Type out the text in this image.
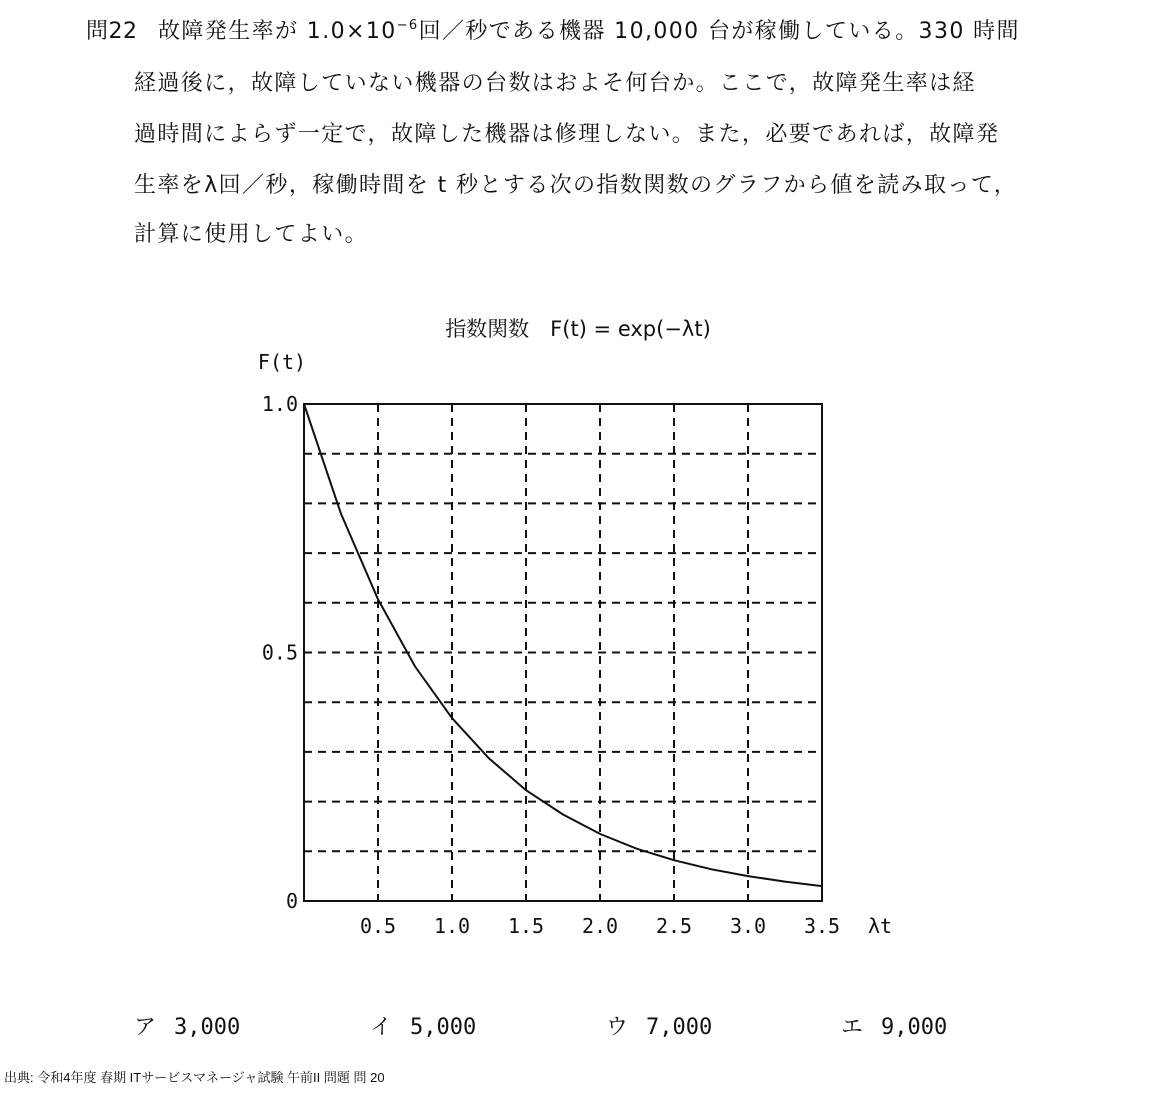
問22 故障発生率が $1.0\times 10^{-6}$回／秒である機器 10,000 台が稼働している。330 時間
経過後に，故障していない機器の台数はおよそ何台か。ここで，故障発生率は経
過時間によらず一定で，故障した機器は修理しない。また，必要であれば，故障発
生率をλ回／秒，稼働時間を t 秒とする次の指数関数のグラフから値を読み取って，
計算に使用してよい。
0.5 1.0 1.5 2.0 2.5 3.0 3.5
0
0.5
1.0
指数関数　F(t) = exp(−λt)
F(t)
λt
ア 3,000	イ 5,000	ウ 7,000	エ 9,000
出典: 令和4年度 春期 ITサービスマネージャ試験 午前II 問題 問 20
